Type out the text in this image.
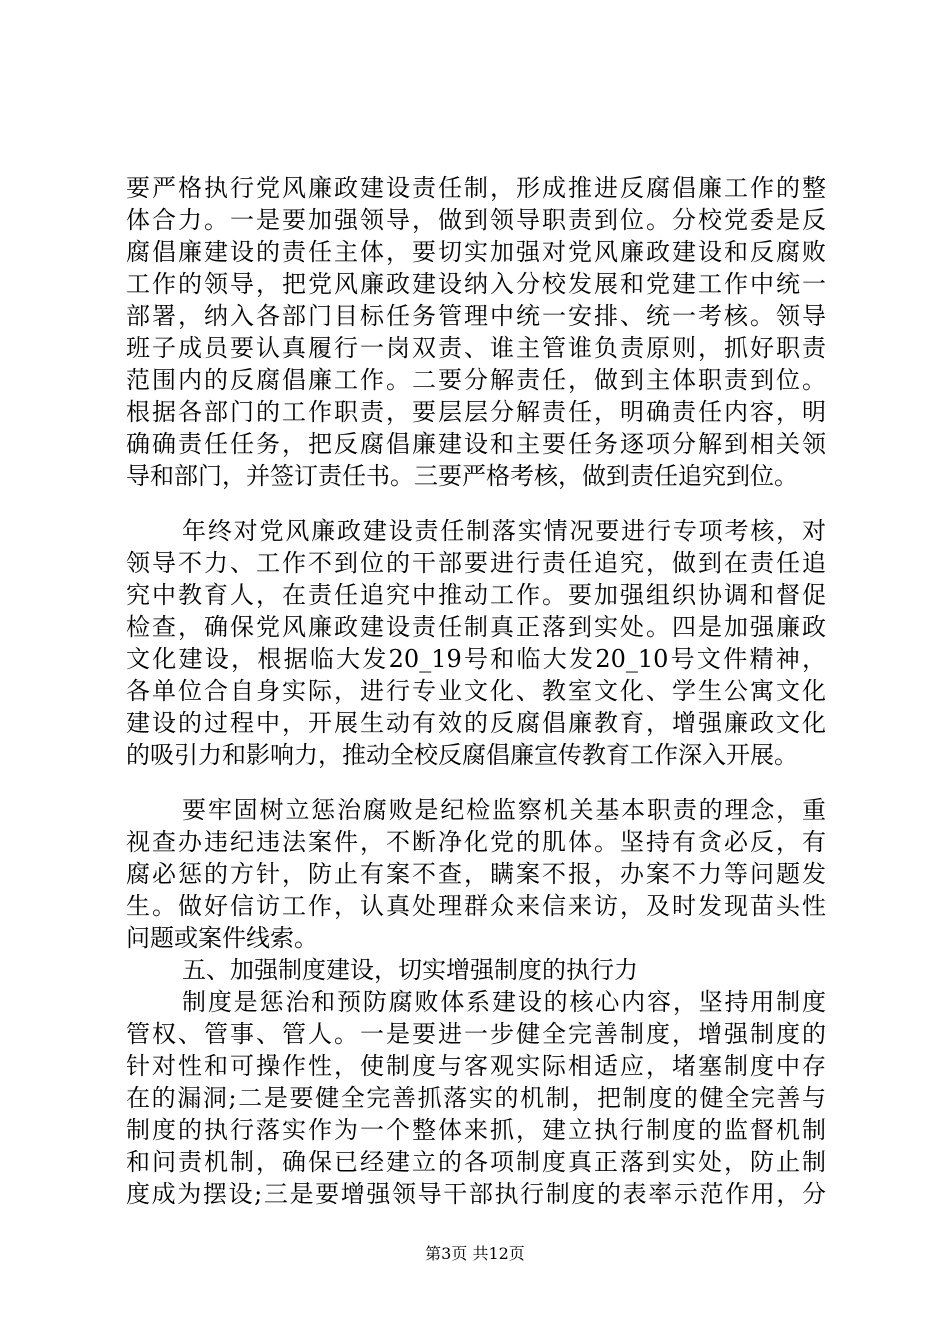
要严格执行党风廉政建设责任制，形成推进反腐倡廉工作的整
体合力。一是要加强领导，做到领导职责到位。分校党委是反
腐倡廉建设的责任主体，要切实加强对党风廉政建设和反腐败
工作的领导，把党风廉政建设纳入分校发展和党建工作中统一
部署，纳入各部门目标任务管理中统一安排、统一考核。领导
班子成员要认真履行一岗双责、谁主管谁负责原则，抓好职责
范围内的反腐倡廉工作。二要分解责任，做到主体职责到位。
根据各部门的工作职责，要层层分解责任，明确责任内容，明
确确责任任务，把反腐倡廉建设和主要任务逐项分解到相关领
导和部门，并签订责任书。三要严格考核，做到责任追究到位。
年终对党风廉政建设责任制落实情况要进行专项考核，对
领导不力、工作不到位的干部要进行责任追究，做到在责任追
究中教育人，在责任追究中推动工作。要加强组织协调和督促
检查，确保党风廉政建设责任制真正落到实处。四是加强廉政
文化建设，根据临大发20_19号和临大发20_10号文件精神，
各单位合自身实际，进行专业文化、教室文化、学生公寓文化
建设的过程中，开展生动有效的反腐倡廉教育，增强廉政文化
的吸引力和影响力，推动全校反腐倡廉宣传教育工作深入开展。
要牢固树立惩治腐败是纪检监察机关基本职责的理念，重
视查办违纪违法案件，不断净化党的肌体。坚持有贪必反，有
腐必惩的方针，防止有案不查，瞒案不报，办案不力等问题发
生。做好信访工作，认真处理群众来信来访，及时发现苗头性
问题或案件线索。
五、加强制度建设，切实增强制度的执行力
制度是惩治和预防腐败体系建设的核心内容，坚持用制度
管权、管事、管人。一是要进一步健全完善制度，增强制度的
针对性和可操作性，使制度与客观实际相适应，堵塞制度中存
在的漏洞;二是要健全完善抓落实的机制，把制度的健全完善与
制度的执行落实作为一个整体来抓，建立执行制度的监督机制
和问责机制，确保已经建立的各项制度真正落到实处，防止制
度成为摆设;三是要增强领导干部执行制度的表率示范作用，分
第3页 共12页
